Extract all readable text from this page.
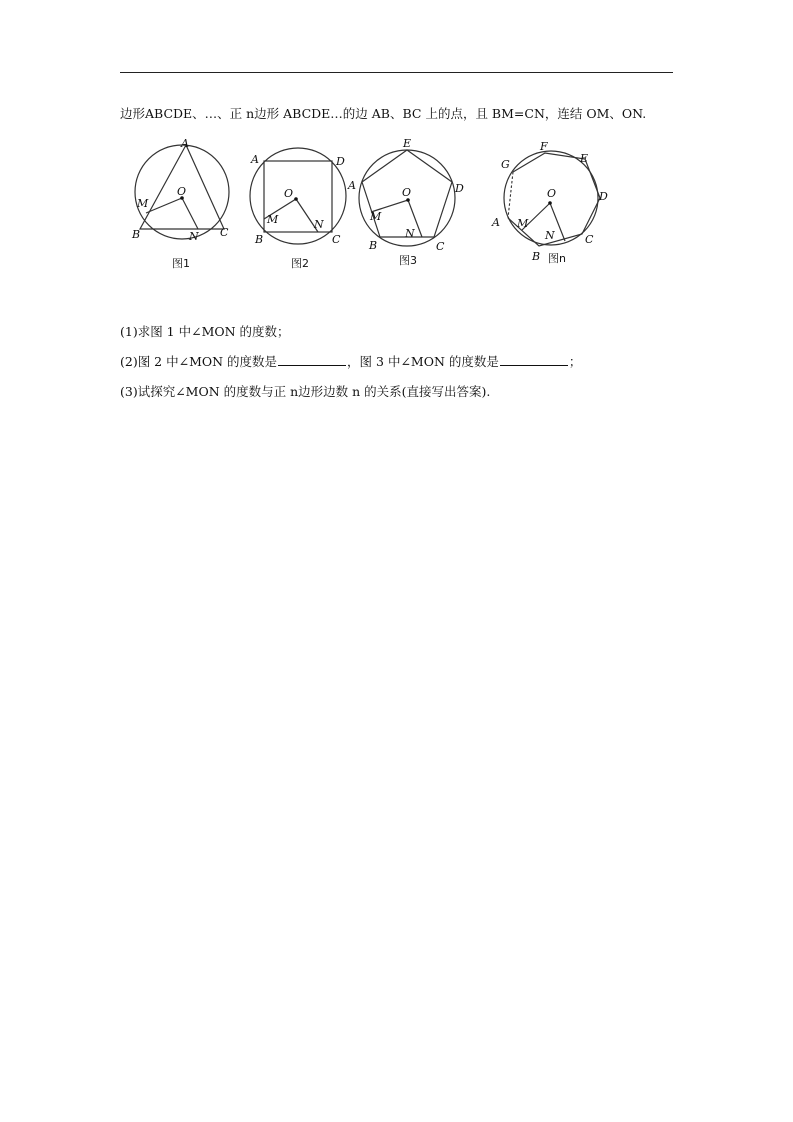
边形ABCDE、…、正 n边形 ABCDE…的边 AB、BC 上的点，且 BM=CN，连结 OM、ON.
A
B	C
M
N
O
图1
A
B	C
D
M	N
O
图2
E
A	D
B	C
M
N
O
图3
G
F
E
D
C
B
A M
N
O
图n
(1)求图 1 中∠MON 的度数；
(2)图 2 中∠MON 的度数是	，图 3 中∠MON 的度数是	；
(3)试探究∠MON 的度数与正 n边形边数 n 的关系(直接写出答案).
